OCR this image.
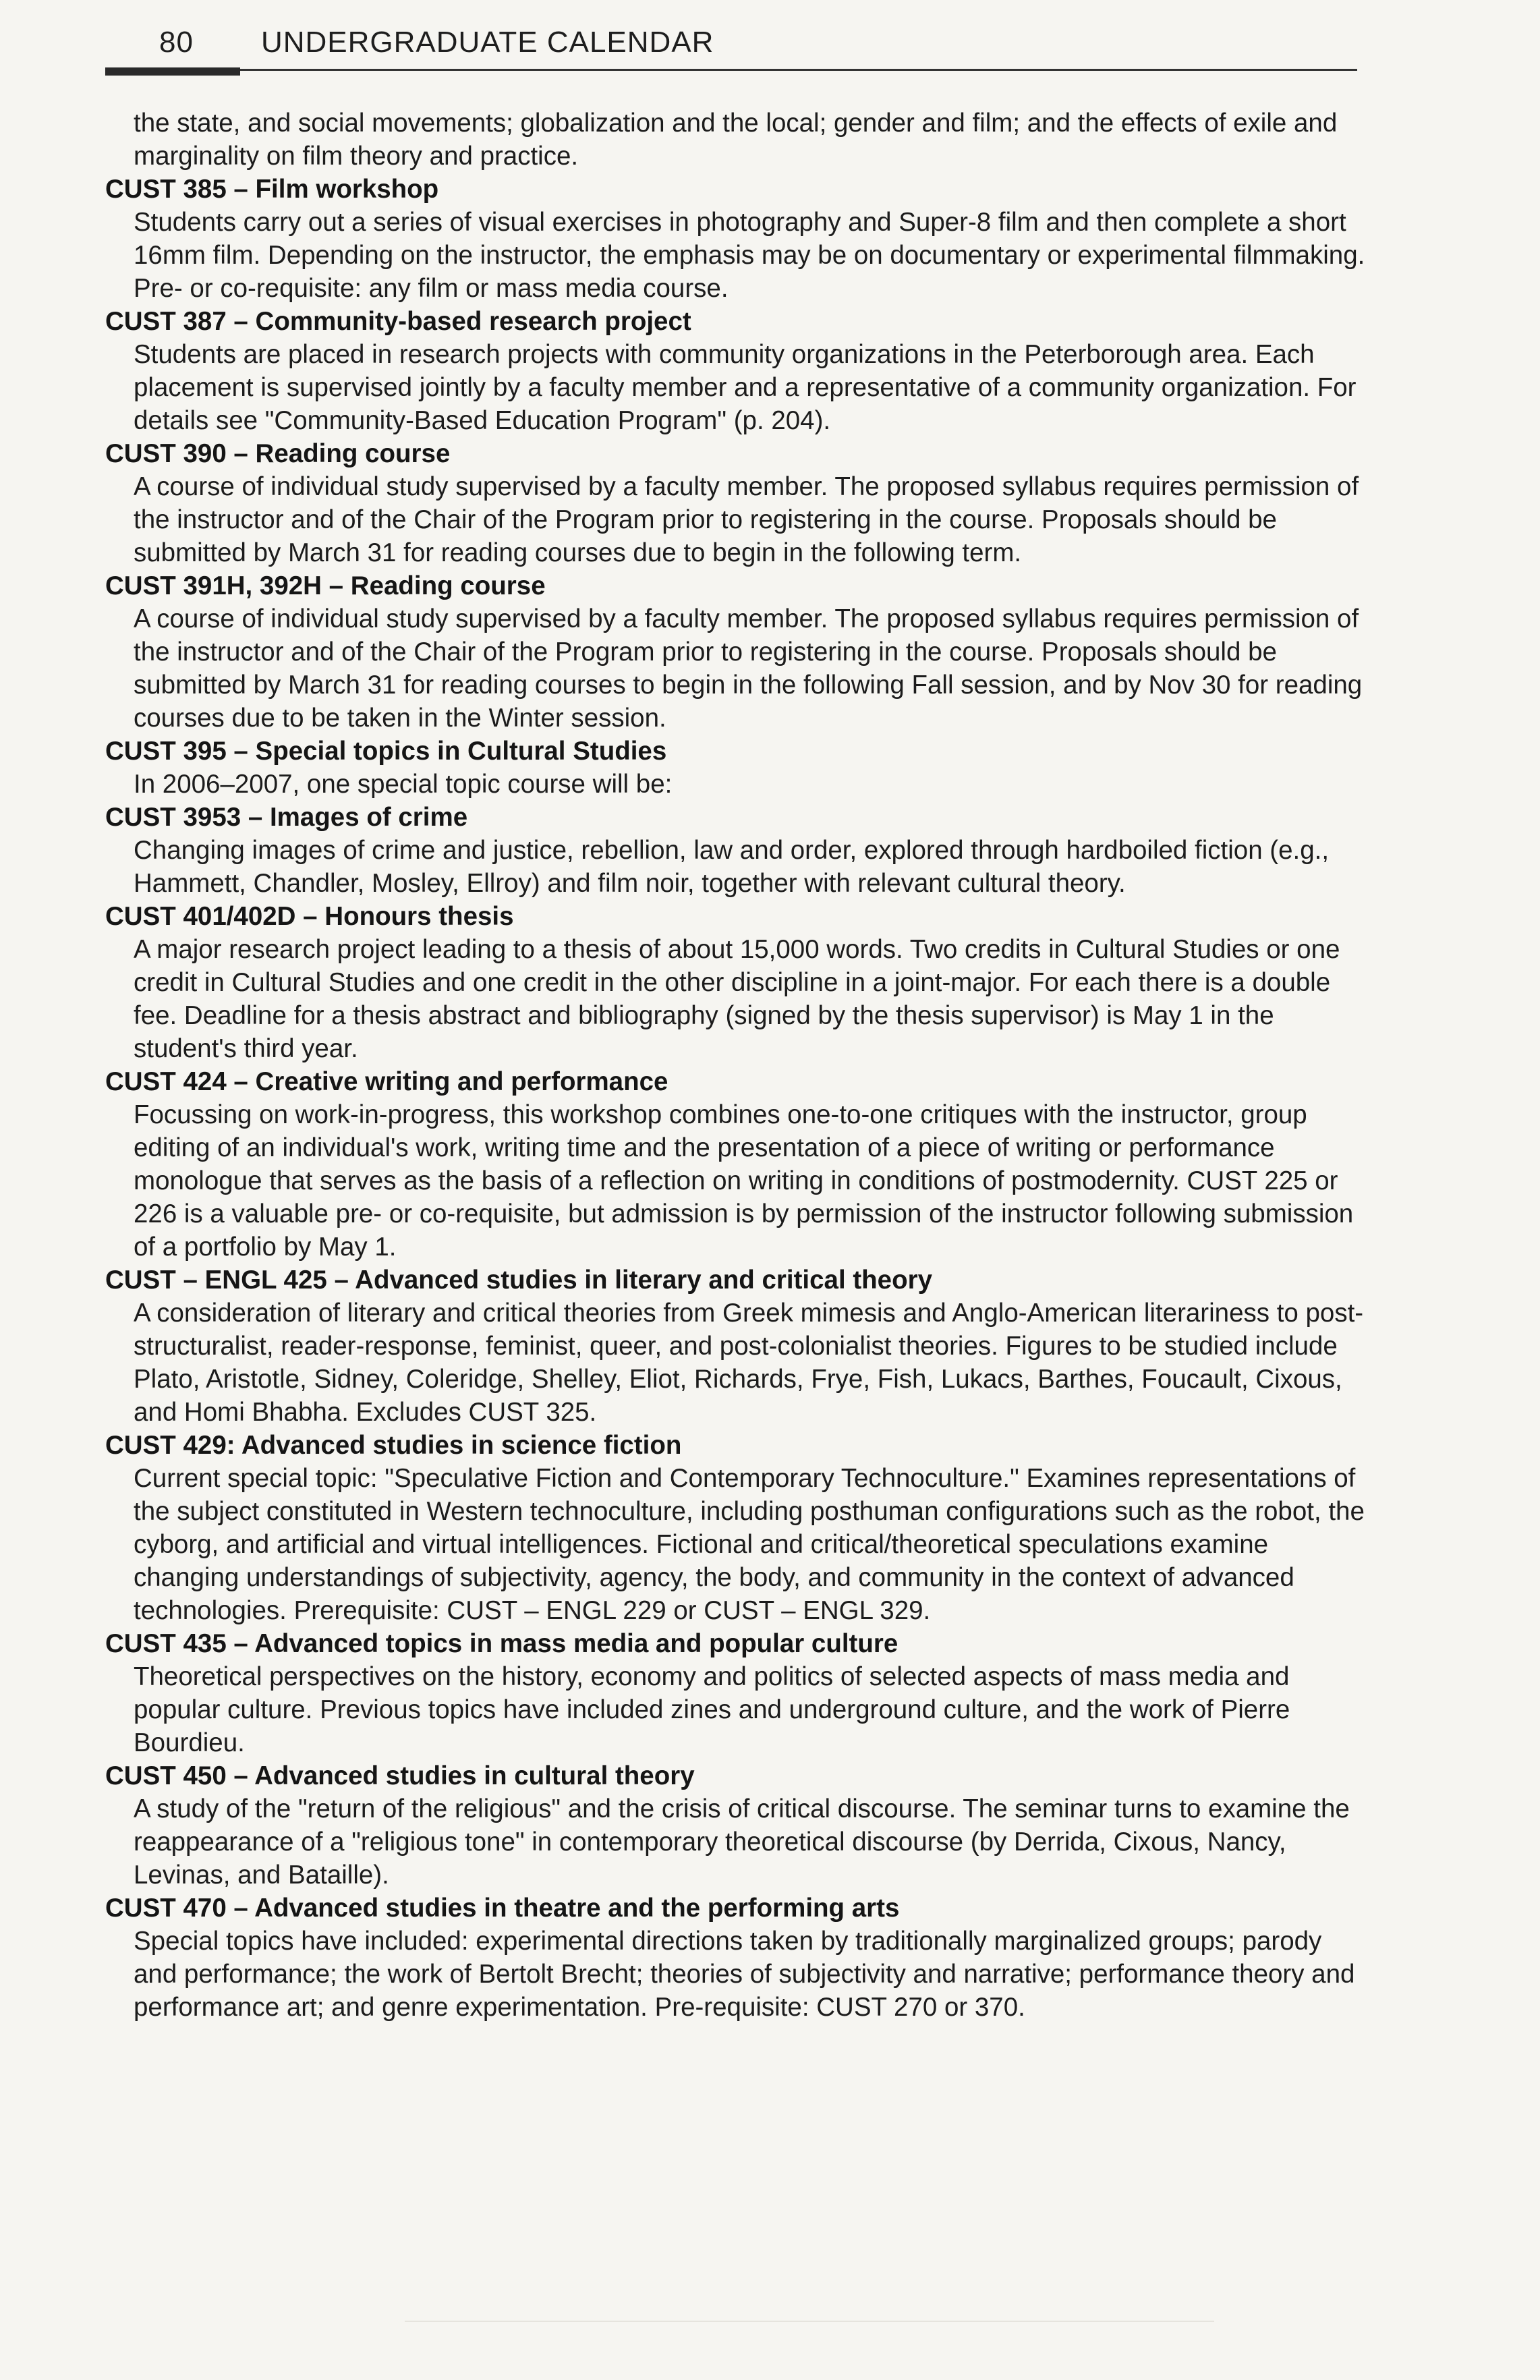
80 UNDERGRADUATE CALENDAR

the state, and social movements; globalization and the local; gender and film; and the effects of exile and marginality on film theory and practice.

CUST 385 – Film workshop

Students carry out a series of visual exercises in photography and Super-8 film and then complete a short 16mm film. Depending on the instructor, the emphasis may be on documentary or experimental filmmaking. Pre- or co-requisite: any film or mass media course.

CUST 387 – Community-based research project

Students are placed in research projects with community organizations in the Peterborough area. Each placement is supervised jointly by a faculty member and a representative of a community organization. For details see "Community-Based Education Program" (p. 204).

CUST 390 – Reading course

A course of individual study supervised by a faculty member. The proposed syllabus requires permission of the instructor and of the Chair of the Program prior to registering in the course. Proposals should be submitted by March 31 for reading courses due to begin in the following term.

CUST 391H, 392H – Reading course

A course of individual study supervised by a faculty member. The proposed syllabus requires permission of the instructor and of the Chair of the Program prior to registering in the course. Proposals should be submitted by March 31 for reading courses to begin in the following Fall session, and by Nov 30 for reading courses due to be taken in the Winter session.

CUST 395 – Special topics in Cultural Studies

In 2006–2007, one special topic course will be:

CUST 3953 – Images of crime

Changing images of crime and justice, rebellion, law and order, explored through hardboiled fiction (e.g., Hammett, Chandler, Mosley, Ellroy) and film noir, together with relevant cultural theory.

CUST 401/402D – Honours thesis

A major research project leading to a thesis of about 15,000 words. Two credits in Cultural Studies or one credit in Cultural Studies and one credit in the other discipline in a joint-major. For each there is a double fee. Deadline for a thesis abstract and bibliography (signed by the thesis supervisor) is May 1 in the student's third year.

CUST 424 – Creative writing and performance

Focussing on work-in-progress, this workshop combines one-to-one critiques with the instructor, group editing of an individual's work, writing time and the presentation of a piece of writing or performance monologue that serves as the basis of a reflection on writing in conditions of postmodernity. CUST 225 or 226 is a valuable pre- or co-requisite, but admission is by permission of the instructor following submission of a portfolio by May 1.

CUST – ENGL 425 – Advanced studies in literary and critical theory

A consideration of literary and critical theories from Greek mimesis and Anglo-American literariness to post-structuralist, reader-response, feminist, queer, and post-colonialist theories. Figures to be studied include Plato, Aristotle, Sidney, Coleridge, Shelley, Eliot, Richards, Frye, Fish, Lukacs, Barthes, Foucault, Cixous, and Homi Bhabha. Excludes CUST 325.

CUST 429: Advanced studies in science fiction

Current special topic: "Speculative Fiction and Contemporary Technoculture." Examines representations of the subject constituted in Western technoculture, including posthuman configurations such as the robot, the cyborg, and artificial and virtual intelligences. Fictional and critical/theoretical speculations examine changing understandings of subjectivity, agency, the body, and community in the context of advanced technologies. Prerequisite: CUST – ENGL 229 or CUST – ENGL 329.

CUST 435 – Advanced topics in mass media and popular culture

Theoretical perspectives on the history, economy and politics of selected aspects of mass media and popular culture. Previous topics have included zines and underground culture, and the work of Pierre Bourdieu.

CUST 450 – Advanced studies in cultural theory

A study of the "return of the religious" and the crisis of critical discourse. The seminar turns to examine the reappearance of a "religious tone" in contemporary theoretical discourse (by Derrida, Cixous, Nancy, Levinas, and Bataille).

CUST 470 – Advanced studies in theatre and the performing arts

Special topics have included: experimental directions taken by traditionally marginalized groups; parody and performance; the work of Bertolt Brecht; theories of subjectivity and narrative; performance theory and performance art; and genre experimentation. Pre-requisite: CUST 270 or 370.
